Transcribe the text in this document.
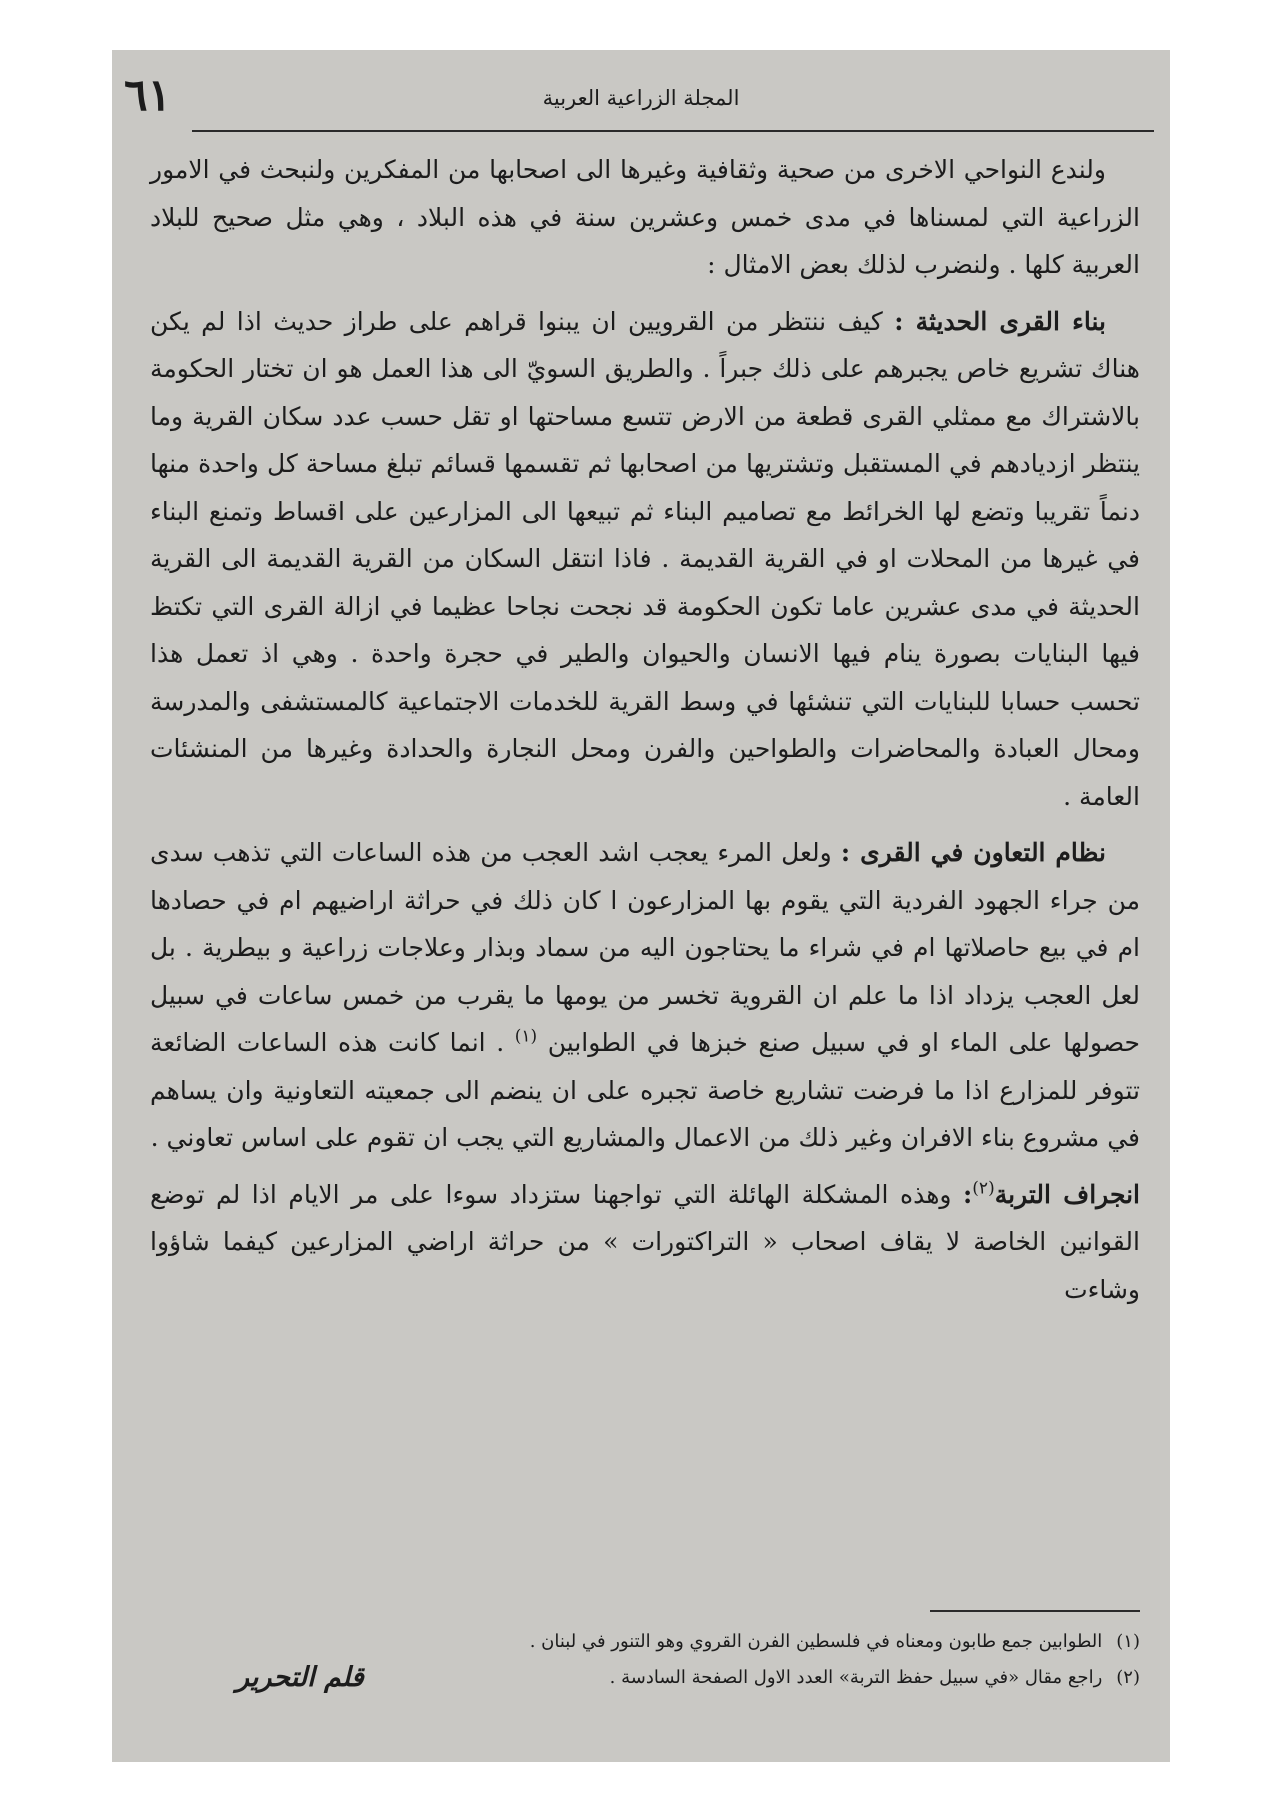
٦١	المجلة الزراعية العربية

ولندع النواحي الاخرى من صحية وثقافية وغيرها الى اصحابها من المفكرين ولنبحث في الامور الزراعية التي لمسناها في مدى خمس وعشرين سنة في هذه البلاد ، وهي مثل صحيح للبلاد العربية كلها . ولنضرب لذلك بعض الامثال :

بناء القرى الحديثة : كيف ننتظر من القرويين ان يبنوا قراهم على طراز حديث اذا لم يكن هناك تشريع خاص يجبرهم على ذلك جبراً . والطريق السويّ الى هذا العمل هو ان تختار الحكومة بالاشتراك مع ممثلي القرى قطعة من الارض تتسع مساحتها او تقل حسب عدد سكان القرية وما ينتظر ازديادهم في المستقبل وتشتريها من اصحابها ثم تقسمها قسائم تبلغ مساحة كل واحدة منها دنماً تقريبا وتضع لها الخرائط مع تصاميم البناء ثم تبيعها الى المزارعين على اقساط وتمنع البناء في غيرها من المحلات او في القرية القديمة . فاذا انتقل السكان من القرية القديمة الى القرية الحديثة في مدى عشرين عاما تكون الحكومة قد نجحت نجاحا عظيما في ازالة القرى التي تكتظ فيها البنايات بصورة ينام فيها الانسان والحيوان والطير في حجرة واحدة . وهي اذ تعمل هذا تحسب حسابا للبنايات التي تنشئها في وسط القرية للخدمات الاجتماعية كالمستشفى والمدرسة ومحال العبادة والمحاضرات والطواحين والفرن ومحل النجارة والحدادة وغيرها من المنشئات العامة .

نظام التعاون في القرى : ولعل المرء يعجب اشد العجب من هذه الساعات التي تذهب سدى من جراء الجهود الفردية التي يقوم بها المزارعون ا كان ذلك في حراثة اراضيهم ام في حصادها ام في بيع حاصلاتها ام في شراء ما يحتاجون اليه من سماد وبذار وعلاجات زراعية و بيطرية . بل لعل العجب يزداد اذا ما علم ان القروية تخسر من يومها ما يقرب من خمس ساعات في سبيل حصولها على الماء او في سبيل صنع خبزها في الطوابين $^{(١)}$ . انما كانت هذه الساعات الضائعة تتوفر للمزارع اذا ما فرضت تشاريع خاصة تجبره على ان ينضم الى جمعيته التعاونية وان يساهم في مشروع بناء الافران وغير ذلك من الاعمال والمشاريع التي يجب ان تقوم على اساس تعاوني .

انجراف التربة$^{(٢)}$: وهذه المشكلة الهائلة التي تواجهنا ستزداد سوءا على مر الايام اذا لم توضع القوانين الخاصة لا يقاف اصحاب « التراكتورات » من حراثة اراضي المزارعين كيفما شاؤوا وشاءت

(١)الطوابين جمع طابون ومعناه في فلسطين الفرن القروي وهو التنور في لبنان .
(٢)راجع مقال «في سبيل حفظ التربة» العدد الاول الصفحة السادسة .
قلم التحرير
